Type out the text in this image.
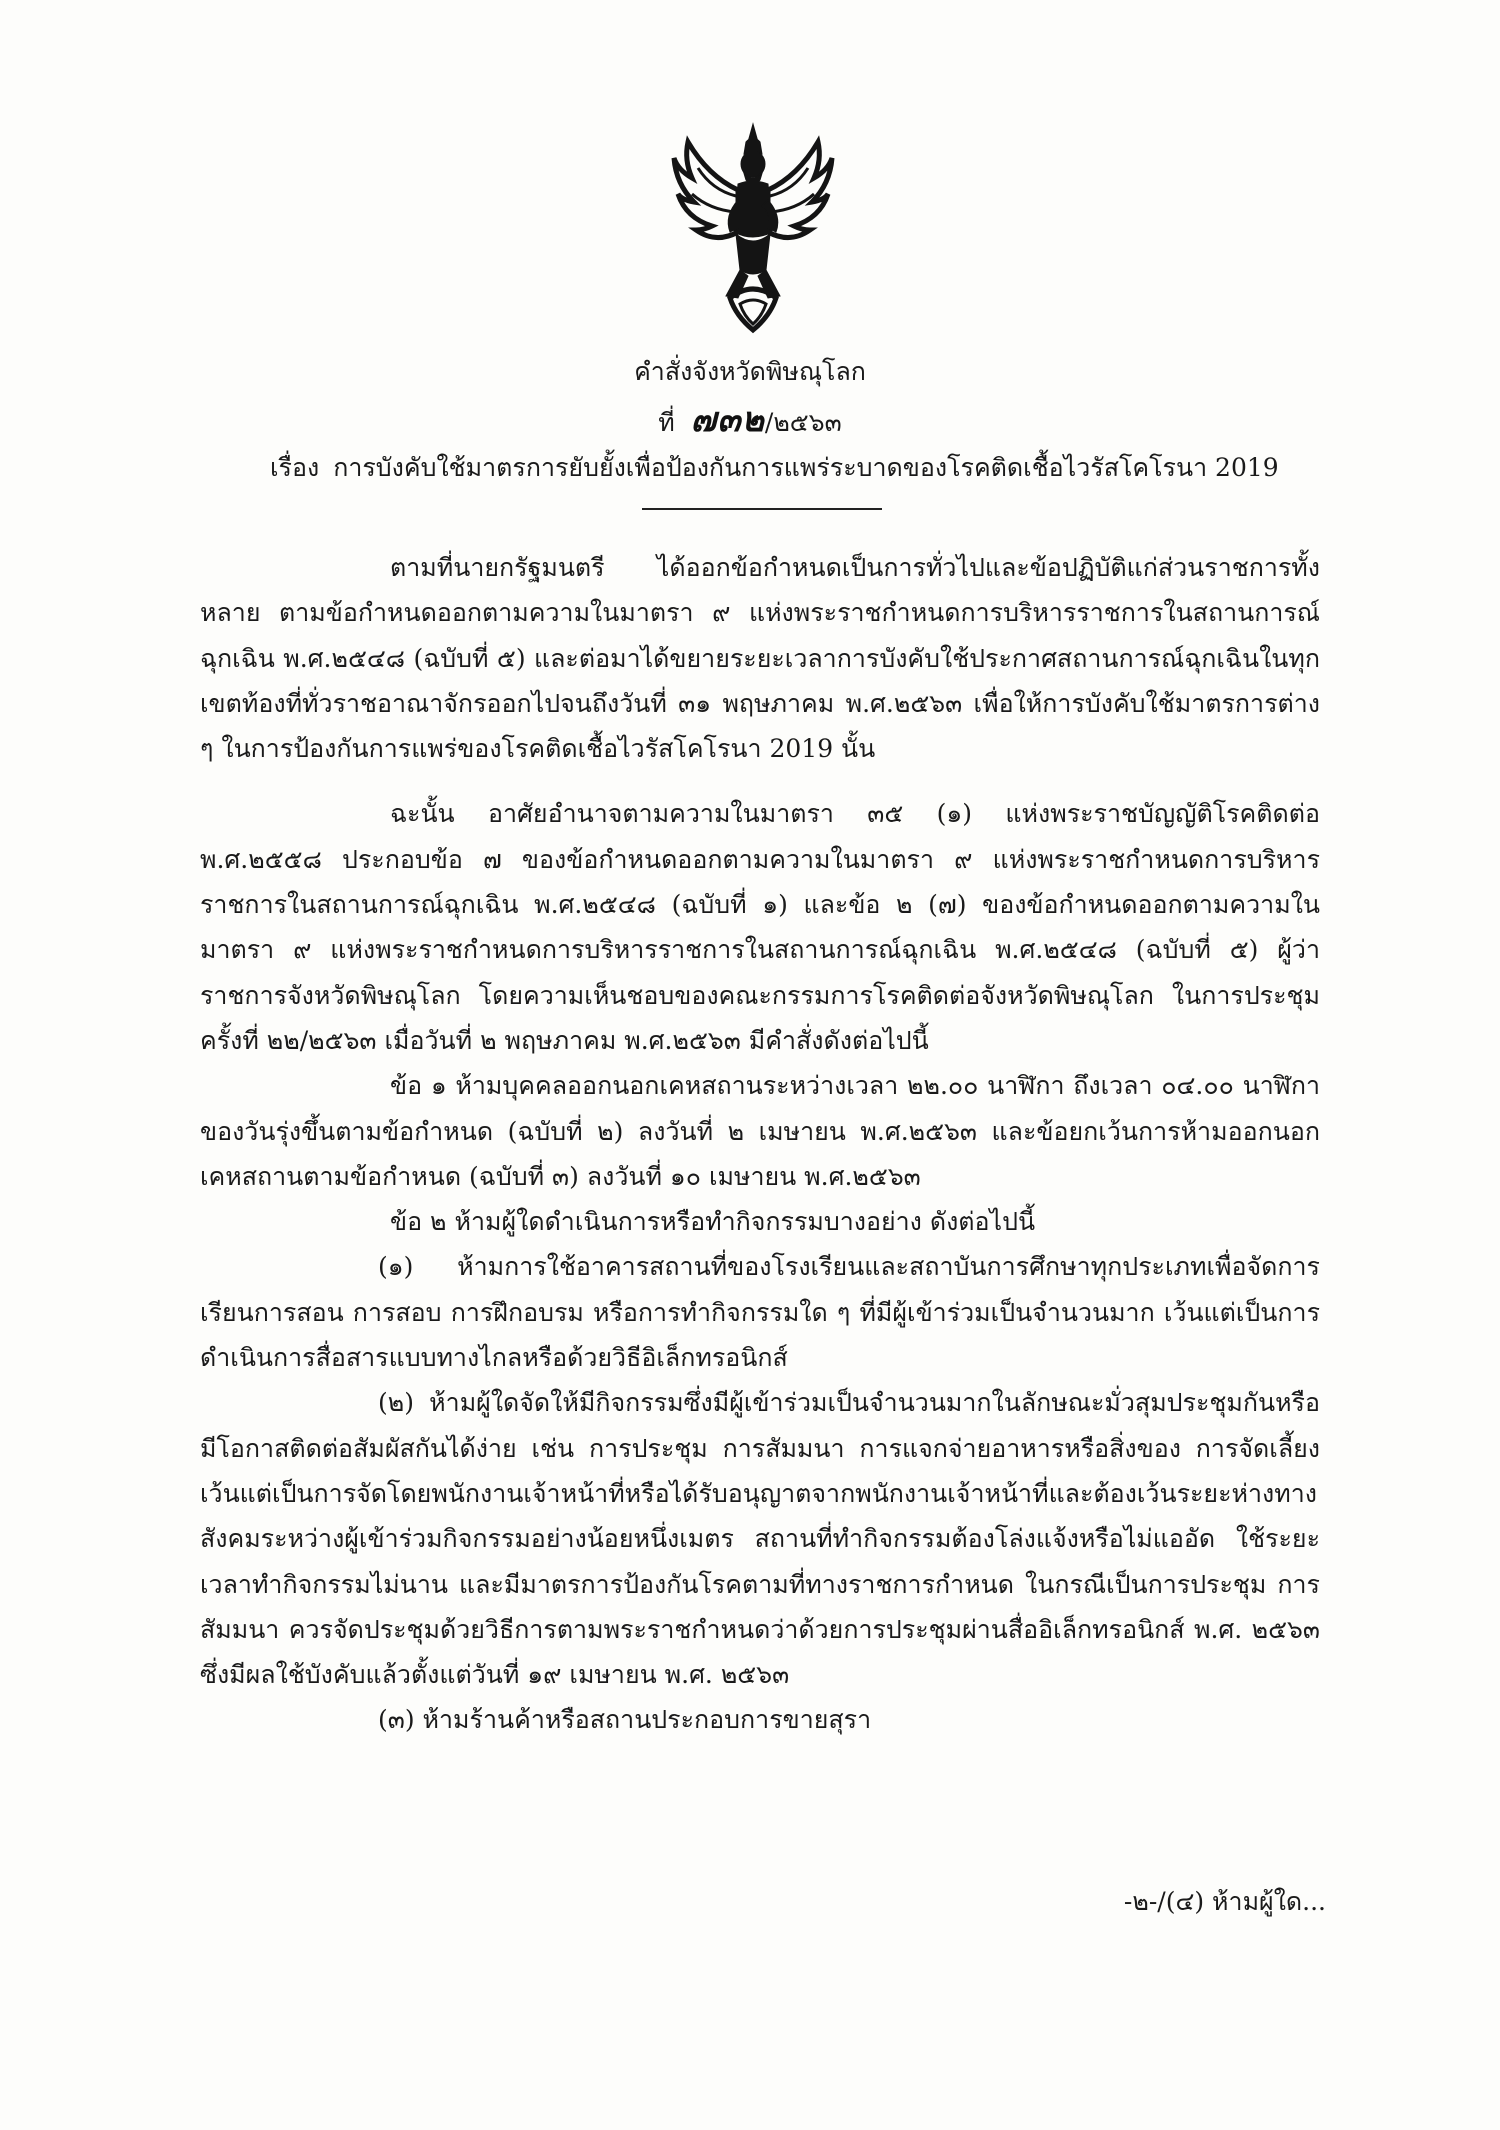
คำสั่งจังหวัดพิษณุโลก
ที่ ๗๓๒/๒๕๖๓
เรื่อง การบังคับใช้มาตรการยับยั้งเพื่อป้องกันการแพร่ระบาดของโรคติดเชื้อไวรัสโคโรนา 2019

ตามที่นายกรัฐมนตรี ได้ออกข้อกำหนดเป็นการทั่วไปและข้อปฏิบัติแก่ส่วนราชการทั้งหลาย ตามข้อกำหนดออกตามความในมาตรา ๙ แห่งพระราชกำหนดการบริหารราชการในสถานการณ์ฉุกเฉิน พ.ศ.๒๕๔๘ (ฉบับที่ ๕) และต่อมาได้ขยายระยะเวลาการบังคับใช้ประกาศสถานการณ์ฉุกเฉินในทุกเขตท้องที่ทั่วราชอาณาจักรออกไปจนถึงวันที่ ๓๑ พฤษภาคม พ.ศ.๒๕๖๓ เพื่อให้การบังคับใช้มาตรการต่าง ๆ ในการป้องกันการแพร่ของโรคติดเชื้อไวรัสโคโรนา 2019 นั้น

ฉะนั้น อาศัยอำนาจตามความในมาตรา ๓๕ (๑) แห่งพระราชบัญญัติโรคติดต่อ พ.ศ.๒๕๕๘ ประกอบข้อ ๗ ของข้อกำหนดออกตามความในมาตรา ๙ แห่งพระราชกำหนดการบริหารราชการในสถานการณ์ฉุกเฉิน พ.ศ.๒๕๔๘ (ฉบับที่ ๑) และข้อ ๒ (๗) ของข้อกำหนดออกตามความในมาตรา ๙ แห่งพระราชกำหนดการบริหารราชการในสถานการณ์ฉุกเฉิน พ.ศ.๒๕๔๘ (ฉบับที่ ๕) ผู้ว่าราชการจังหวัดพิษณุโลก โดยความเห็นชอบของคณะกรรมการโรคติดต่อจังหวัดพิษณุโลก ในการประชุมครั้งที่ ๒๒/๒๕๖๓ เมื่อวันที่ ๒ พฤษภาคม พ.ศ.๒๕๖๓ มีคำสั่งดังต่อไปนี้

ข้อ ๑ ห้ามบุคคลออกนอกเคหสถานระหว่างเวลา ๒๒.๐๐ นาฬิกา ถึงเวลา ๐๔.๐๐ นาฬิกาของวันรุ่งขึ้นตามข้อกำหนด (ฉบับที่ ๒) ลงวันที่ ๒ เมษายน พ.ศ.๒๕๖๓ และข้อยกเว้นการห้ามออกนอกเคหสถานตามข้อกำหนด (ฉบับที่ ๓) ลงวันที่ ๑๐ เมษายน พ.ศ.๒๕๖๓

ข้อ ๒ ห้ามผู้ใดดำเนินการหรือทำกิจกรรมบางอย่าง ดังต่อไปนี้

(๑) ห้ามการใช้อาคารสถานที่ของโรงเรียนและสถาบันการศึกษาทุกประเภทเพื่อจัดการเรียนการสอน การสอบ การฝึกอบรม หรือการทำกิจกรรมใด ๆ ที่มีผู้เข้าร่วมเป็นจำนวนมาก เว้นแต่เป็นการดำเนินการสื่อสารแบบทางไกลหรือด้วยวิธีอิเล็กทรอนิกส์

(๒) ห้ามผู้ใดจัดให้มีกิจกรรมซึ่งมีผู้เข้าร่วมเป็นจำนวนมากในลักษณะมั่วสุมประชุมกันหรือมีโอกาสติดต่อสัมผัสกันได้ง่าย เช่น การประชุม การสัมมนา การแจกจ่ายอาหารหรือสิ่งของ การจัดเลี้ยง เว้นแต่เป็นการจัดโดยพนักงานเจ้าหน้าที่หรือได้รับอนุญาตจากพนักงานเจ้าหน้าที่และต้องเว้นระยะห่างทางสังคมระหว่างผู้เข้าร่วมกิจกรรมอย่างน้อยหนึ่งเมตร สถานที่ทำกิจกรรมต้องโล่งแจ้งหรือไม่แออัด ใช้ระยะเวลาทำกิจกรรมไม่นาน และมีมาตรการป้องกันโรคตามที่ทางราชการกำหนด ในกรณีเป็นการประชุม การสัมมนา ควรจัดประชุมด้วยวิธีการตามพระราชกำหนดว่าด้วยการประชุมผ่านสื่ออิเล็กทรอนิกส์ พ.ศ. ๒๕๖๓ ซึ่งมีผลใช้บังคับแล้วตั้งแต่วันที่ ๑๙ เมษายน พ.ศ. ๒๕๖๓

(๓) ห้ามร้านค้าหรือสถานประกอบการขายสุรา

-๒-/(๔) ห้ามผู้ใด...
